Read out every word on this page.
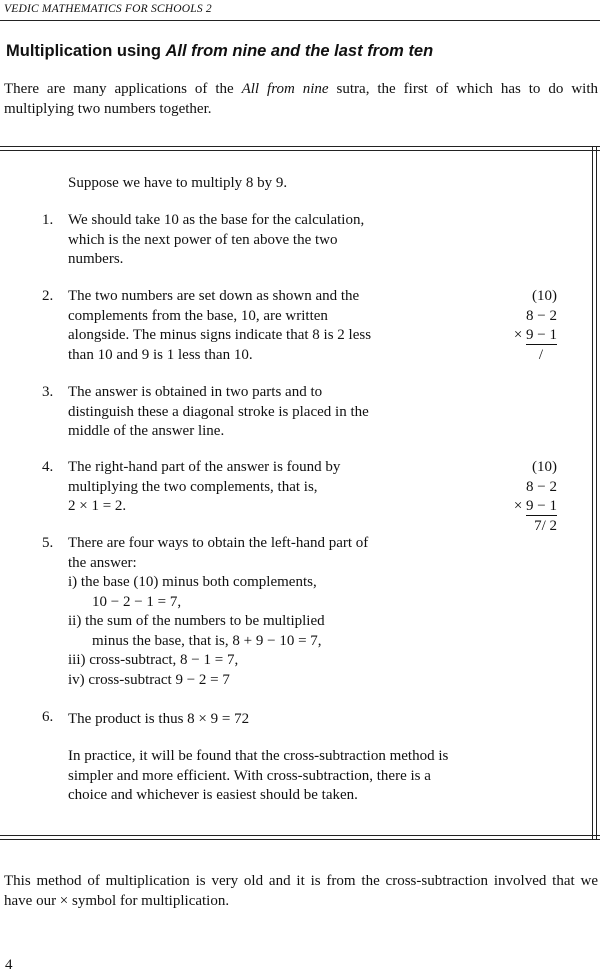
VEDIC MATHEMATICS FOR SCHOOLS 2
Multiplication using All from nine and the last from ten
There are many applications of the All from nine sutra, the first of which has to do with multiplying two numbers together.
Suppose we have to multiply 8 by 9.
1. We should take 10 as the base for the calculation,
which is the next power of ten above the two
numbers.
2. The two numbers are set down as shown and the
complements from the base, 10, are written
alongside. The minus signs indicate that 8 is 2 less
than 10 and 9 is 1 less than 10.
(10)
8 − 2
× 9 − 1
/
3. The answer is obtained in two parts and to
distinguish these a diagonal stroke is placed in the
middle of the answer line.
4. The right-hand part of the answer is found by
multiplying the two complements, that is,
2 × 1 = 2.
(10)
8 − 2
× 9 − 1
7/ 2
5. There are four ways to obtain the left-hand part of
the answer:
i) the base (10) minus both complements,
10 − 2 − 1 = 7,
ii) the sum of the numbers to be multiplied
minus the base, that is, 8 + 9 − 10 = 7,
iii) cross-subtract, 8 − 1 = 7,
iv) cross-subtract 9 − 2 = 7
6. The product is thus 8 × 9 = 72
In practice, it will be found that the cross-subtraction method is
simpler and more efficient. With cross-subtraction, there is a
choice and whichever is easiest should be taken.
This method of multiplication is very old and it is from the cross-subtraction involved that we have our × symbol for multiplication.
4
